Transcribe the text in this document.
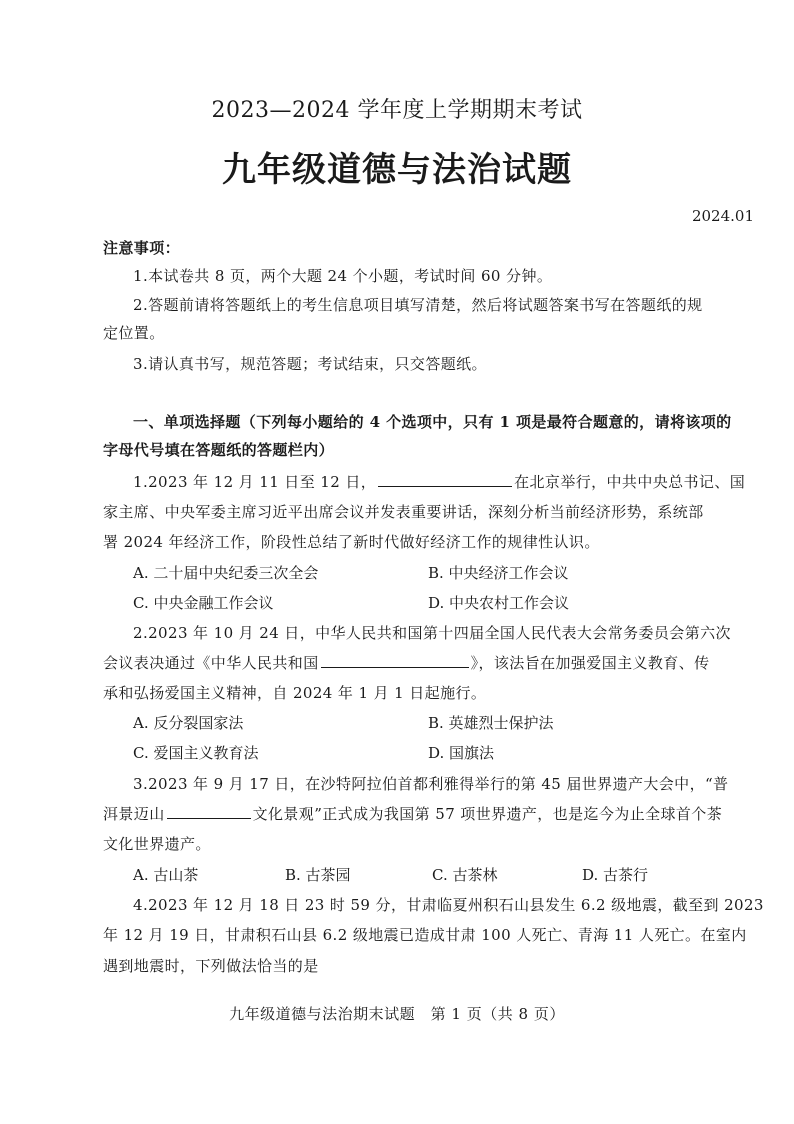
2023—2024 学年度上学期期末考试
九年级道德与法治试题
2024.01
注意事项：
1.本试卷共 8 页，两个大题 24 个小题，考试时间 60 分钟。
2.答题前请将答题纸上的考生信息项目填写清楚，然后将试题答案书写在答题纸的规
定位置。
3.请认真书写，规范答题；考试结束，只交答题纸。
一、单项选择题（下列每小题给的 4 个选项中，只有 1 项是最符合题意的，请将该项的
字母代号填在答题纸的答题栏内）
1.2023 年 12 月 11 日至 12 日，	在北京举行，中共中央总书记、国
家主席、中央军委主席习近平出席会议并发表重要讲话，深刻分析当前经济形势，系统部
署 2024 年经济工作，阶段性总结了新时代做好经济工作的规律性认识。
A. 二十届中央纪委三次全会	B. 中央经济工作会议
C. 中央金融工作会议	D. 中央农村工作会议
2.2023 年 10 月 24 日，中华人民共和国第十四届全国人民代表大会常务委员会第六次
会议表决通过《中华人民共和国	》，该法旨在加强爱国主义教育、传
承和弘扬爱国主义精神，自 2024 年 1 月 1 日起施行。
A. 反分裂国家法	B. 英雄烈士保护法
C. 爱国主义教育法	D. 国旗法
3.2023 年 9 月 17 日，在沙特阿拉伯首都利雅得举行的第 45 届世界遗产大会中，“普
洱景迈山	文化景观”正式成为我国第 57 项世界遗产，也是迄今为止全球首个茶
文化世界遗产。
A. 古山茶	B. 古茶园	C. 古茶林	D. 古茶行
4.2023 年 12 月 18 日 23 时 59 分，甘肃临夏州积石山县发生 6.2 级地震，截至到 2023
年 12 月 19 日，甘肃积石山县 6.2 级地震已造成甘肃 100 人死亡、青海 11 人死亡。在室内
遇到地震时，下列做法恰当的是
九年级道德与法治期末试题　第 1 页（共 8 页）
